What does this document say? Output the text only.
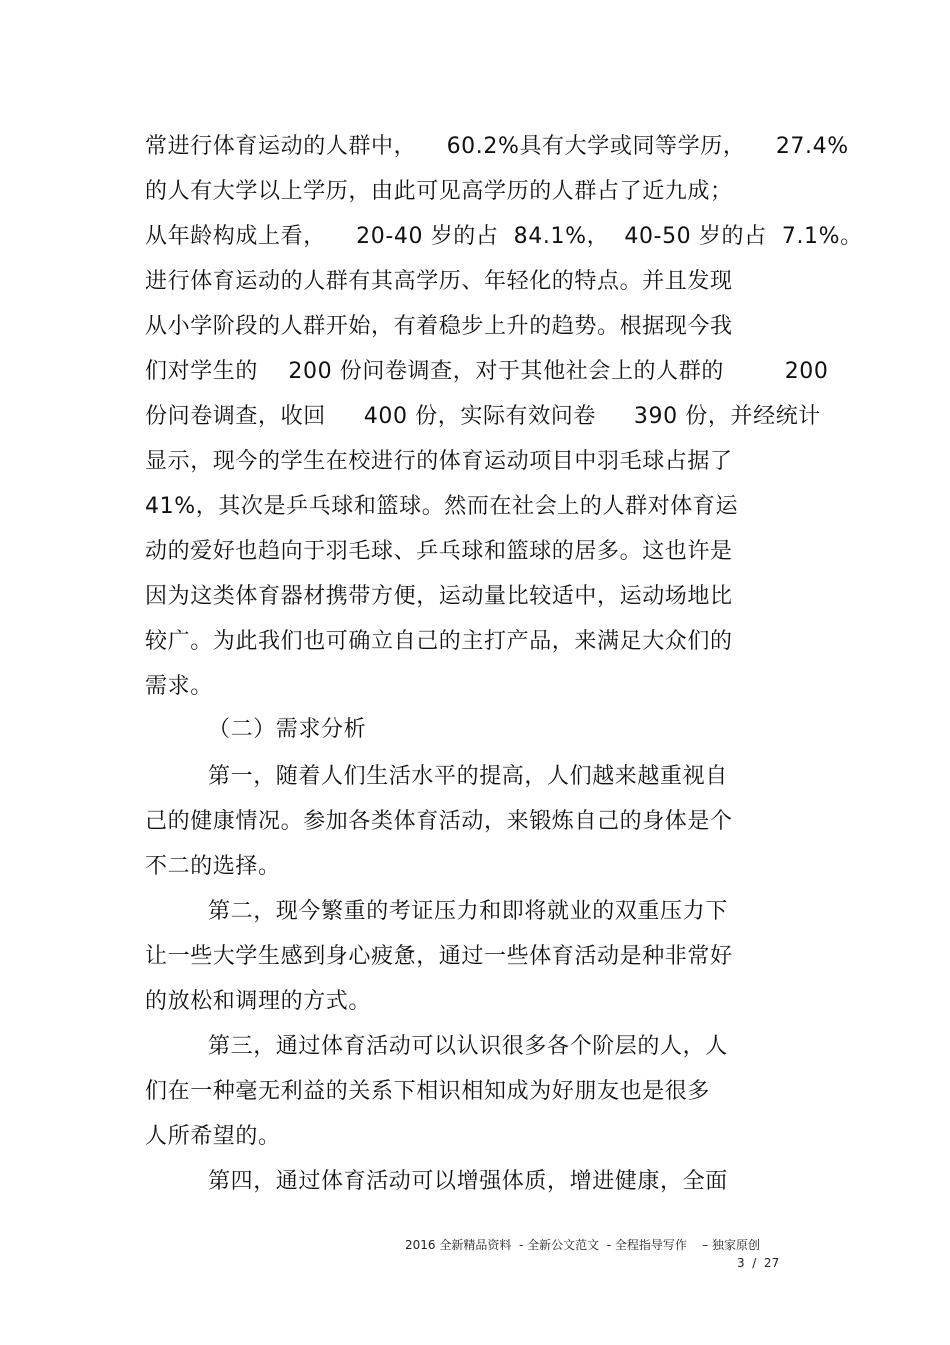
常进行体育运动的人群中，    60.2%具有大学或同等学历，    27.4%
的人有大学以上学历，由此可见高学历的人群占了近九成；
从年龄构成上看，    20-40 岁的占  84.1%，  40-50 岁的占  7.1%。
进行体育运动的人群有其高学历、年轻化的特点。并且发现
从小学阶段的人群开始，有着稳步上升的趋势。根据现今我
们对学生的    200 份问卷调查，对于其他社会上的人群的        200
份问卷调查，收回     400 份，实际有效问卷     390 份，并经统计
显示，现今的学生在校进行的体育运动项目中羽毛球占据了
41%，其次是乒乓球和篮球。然而在社会上的人群对体育运
动的爱好也趋向于羽毛球、乒乓球和篮球的居多。这也许是
因为这类体育器材携带方便，运动量比较适中，运动场地比
较广。为此我们也可确立自己的主打产品，来满足大众们的
需求。
（二）需求分析
第一，随着人们生活水平的提高，人们越来越重视自
己的健康情况。参加各类体育活动，来锻炼自己的身体是个
不二的选择。
第二，现今繁重的考证压力和即将就业的双重压力下
让一些大学生感到身心疲惫，通过一些体育活动是种非常好
的放松和调理的方式。
第三，通过体育活动可以认识很多各个阶层的人，人
们在一种毫无利益的关系下相识相知成为好朋友也是很多
人所希望的。
第四，通过体育活动可以增强体质，增进健康，全面
2016 全新精品资料  - 全新公文范文  - 全程指导写作    – 独家原创
3  /  27
